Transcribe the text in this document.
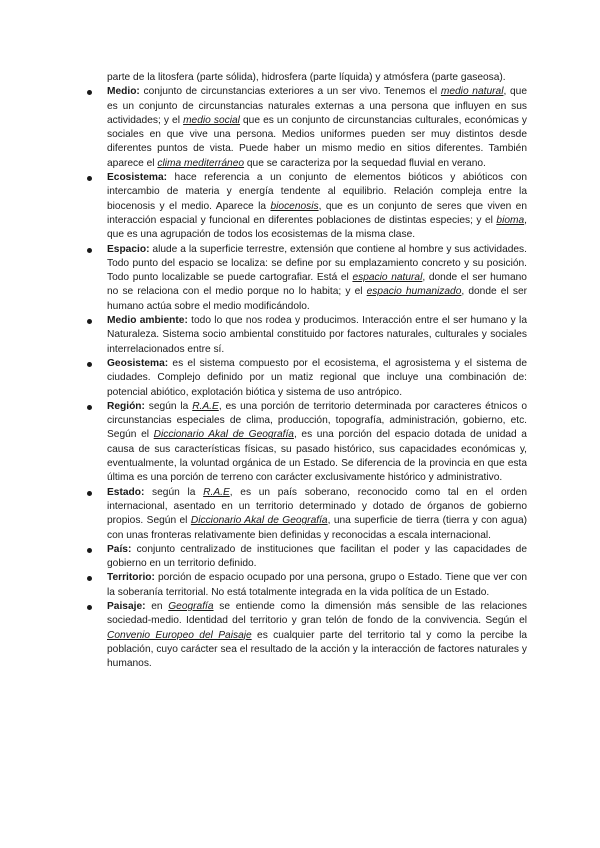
parte de la litosfera (parte sólida), hidrosfera (parte líquida) y atmósfera (parte gaseosa).

Medio: conjunto de circunstancias exteriores a un ser vivo. Tenemos el medio natural, que es un conjunto de circunstancias naturales externas a una persona que influyen en sus actividades; y el medio social que es un conjunto de circunstancias culturales, económicas y sociales en que vive una persona. Medios uniformes pueden ser muy distintos desde diferentes puntos de vista. Puede haber un mismo medio en sitios diferentes. También aparece el clima mediterráneo que se caracteriza por la sequedad fluvial en verano.
Ecosistema: hace referencia a un conjunto de elementos bióticos y abióticos con intercambio de materia y energía tendente al equilibrio. Relación compleja entre la biocenosis y el medio. Aparece la biocenosis, que es un conjunto de seres que viven en interacción espacial y funcional en diferentes poblaciones de distintas especies; y el bioma, que es una agrupación de todos los ecosistemas de la misma clase.
Espacio: alude a la superficie terrestre, extensión que contiene al hombre y sus actividades. Todo punto del espacio se localiza: se define por su emplazamiento concreto y su posición. Todo punto localizable se puede cartografiar. Está el espacio natural, donde el ser humano no se relaciona con el medio porque no lo habita; y el espacio humanizado, donde el ser humano actúa sobre el medio modificándolo.
Medio ambiente: todo lo que nos rodea y producimos. Interacción entre el ser humano y la Naturaleza. Sistema socio ambiental constituido por factores naturales, culturales y sociales interrelacionados entre sí.
Geosistema: es el sistema compuesto por el ecosistema, el agrosistema y el sistema de ciudades. Complejo definido por un matiz regional que incluye una combinación de: potencial abiótico, explotación biótica y sistema de uso antrópico.
Región: según la R.A.E, es una porción de territorio determinada por caracteres étnicos o circunstancias especiales de clima, producción, topografía, administración, gobierno, etc. Según el Diccionario Akal de Geografía, es una porción del espacio dotada de unidad a causa de sus características físicas, su pasado histórico, sus capacidades económicas y, eventualmente, la voluntad orgánica de un Estado. Se diferencia de la provincia en que esta última es una porción de terreno con carácter exclusivamente histórico y administrativo.
Estado: según la R.A.E, es un país soberano, reconocido como tal en el orden internacional, asentado en un territorio determinado y dotado de órganos de gobierno propios. Según el Diccionario Akal de Geografía, una superficie de tierra (tierra y con agua) con unas fronteras relativamente bien definidas y reconocidas a escala internacional.
País: conjunto centralizado de instituciones que facilitan el poder y las capacidades de gobierno en un territorio definido.
Territorio: porción de espacio ocupado por una persona, grupo o Estado. Tiene que ver con la soberanía territorial. No está totalmente integrada en la vida política de un Estado.
Paisaje: en Geografía se entiende como la dimensión más sensible de las relaciones sociedad-medio. Identidad del territorio y gran telón de fondo de la convivencia. Según el Convenio Europeo del Paisaje es cualquier parte del territorio tal y como la percibe la población, cuyo carácter sea el resultado de la acción y la interacción de factores naturales y humanos.
